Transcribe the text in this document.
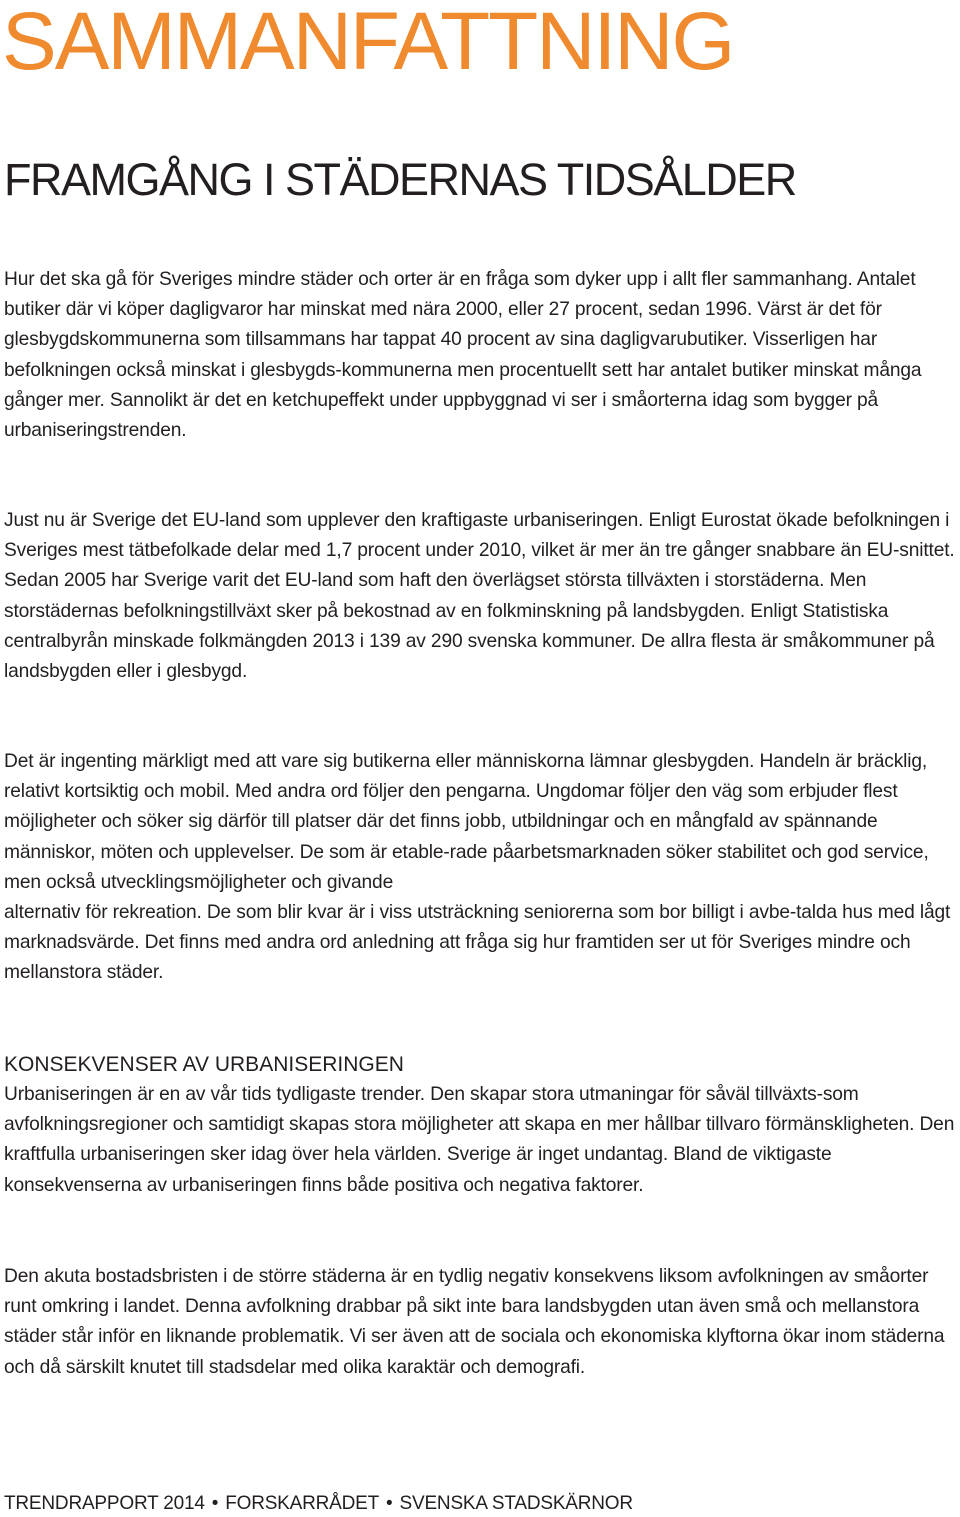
SAMMANFATTNING
FRAMGÅNG I STÄDERNAS TIDSÅLDER

Hur det ska gå för Sveriges mindre städer och orter är en fråga som dyker upp i allt fler sammanhang. Antalet butiker där vi köper dagligvaror har minskat med nära 2000, eller 27 procent, sedan 1996. Värst är det för glesbygdskommunerna som tillsammans har tappat 40 procent av sina dagligvarubutiker. Visserligen har befolkningen också minskat i glesbygds-kommunerna men procentuellt sett har antalet butiker minskat många gånger mer. Sannolikt är det en ketchupeffekt under uppbyggnad vi ser i småorterna idag som bygger på urbaniseringstrenden.

Just nu är Sverige det EU-land som upplever den kraftigaste urbaniseringen. Enligt Eurostat ökade befolkningen i Sveriges mest tätbefolkade delar med 1,7 procent under 2010, vilket är mer än tre gånger snabbare än EU-snittet. Sedan 2005 har Sverige varit det EU-land som haft den överlägset största tillväxten i storstäderna. Men storstädernas befolkningstillväxt sker på bekostnad av en folkminskning på landsbygden. Enligt Statistiska centralbyrån minskade folkmängden 2013 i 139 av 290 svenska kommuner. De allra flesta är småkommuner på landsbygden eller i glesbygd.

Det är ingenting märkligt med att vare sig butikerna eller människorna lämnar glesbygden. Handeln är bräcklig, relativt kortsiktig och mobil. Med andra ord följer den pengarna. Ungdomar följer den väg som erbjuder flest möjligheter och söker sig därför till platser där det finns jobb, utbildningar och en mångfald av spännande människor, möten och upplevelser. De som är etable-rade påarbetsmarknaden söker stabilitet och god service, men också utvecklingsmöjligheter och givande
alternativ för rekreation. De som blir kvar är i viss utsträckning seniorerna som bor billigt i avbe-talda hus med lågt marknadsvärde. Det finns med andra ord anledning att fråga sig hur framtiden ser ut för Sveriges mindre och mellanstora städer.
KONSEKVENSER AV URBANISERINGEN

Urbaniseringen är en av vår tids tydligaste trender. Den skapar stora utmaningar för såväl tillväxts-som avfolkningsregioner och samtidigt skapas stora möjligheter att skapa en mer hållbar tillvaro förmänskligheten. Den kraftfulla urbaniseringen sker idag över hela världen. Sverige är inget undantag. Bland de viktigaste konsekvenserna av urbaniseringen finns både positiva och negativa faktorer.

Den akuta bostadsbristen i de större städerna är en tydlig negativ konsekvens liksom avfolkningen av småorter runt omkring i landet. Denna avfolkning drabbar på sikt inte bara landsbygden utan även små och mellanstora städer står inför en liknande problematik. Vi ser även att de sociala och ekonomiska klyftorna ökar inom städerna och då särskilt knutet till stadsdelar med olika karaktär och demografi.

TRENDRAPPORT 2014 • FORSKARRÅDET • SVENSKA STADSKÄRNOR
